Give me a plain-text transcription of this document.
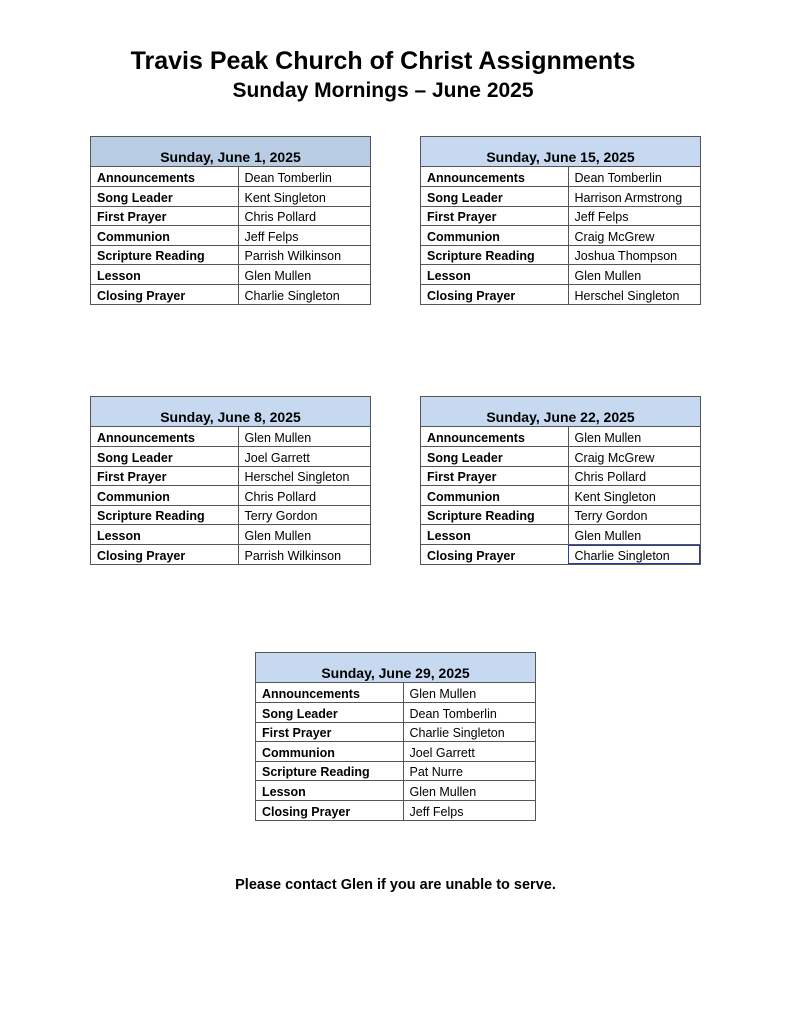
Travis Peak Church of Christ Assignments
Sunday Mornings – June 2025
Sunday, June 1, 2025
Announcements	Dean Tomberlin
Song Leader	Kent Singleton
First Prayer	Chris Pollard
Communion	Jeff Felps
Scripture Reading	Parrish Wilkinson
Lesson	Glen Mullen
Closing Prayer	Charlie Singleton
Sunday, June 15, 2025
Announcements	Dean Tomberlin
Song Leader	Harrison Armstrong
First Prayer	Jeff Felps
Communion	Craig McGrew
Scripture Reading	Joshua Thompson
Lesson	Glen Mullen
Closing Prayer	Herschel Singleton
Sunday, June 8, 2025
Announcements	Glen Mullen
Song Leader	Joel Garrett
First Prayer	Herschel Singleton
Communion	Chris Pollard
Scripture Reading	Terry Gordon
Lesson	Glen Mullen
Closing Prayer	Parrish Wilkinson
Sunday, June 22, 2025
Announcements	Glen Mullen
Song Leader	Craig McGrew
First Prayer	Chris Pollard
Communion	Kent Singleton
Scripture Reading	Terry Gordon
Lesson	Glen Mullen
Closing Prayer	Charlie Singleton
Sunday, June 29, 2025
Announcements	Glen Mullen
Song Leader	Dean Tomberlin
First Prayer	Charlie Singleton
Communion	Joel Garrett
Scripture Reading	Pat Nurre
Lesson	Glen Mullen
Closing Prayer	Jeff Felps
Please contact Glen if you are unable to serve.
